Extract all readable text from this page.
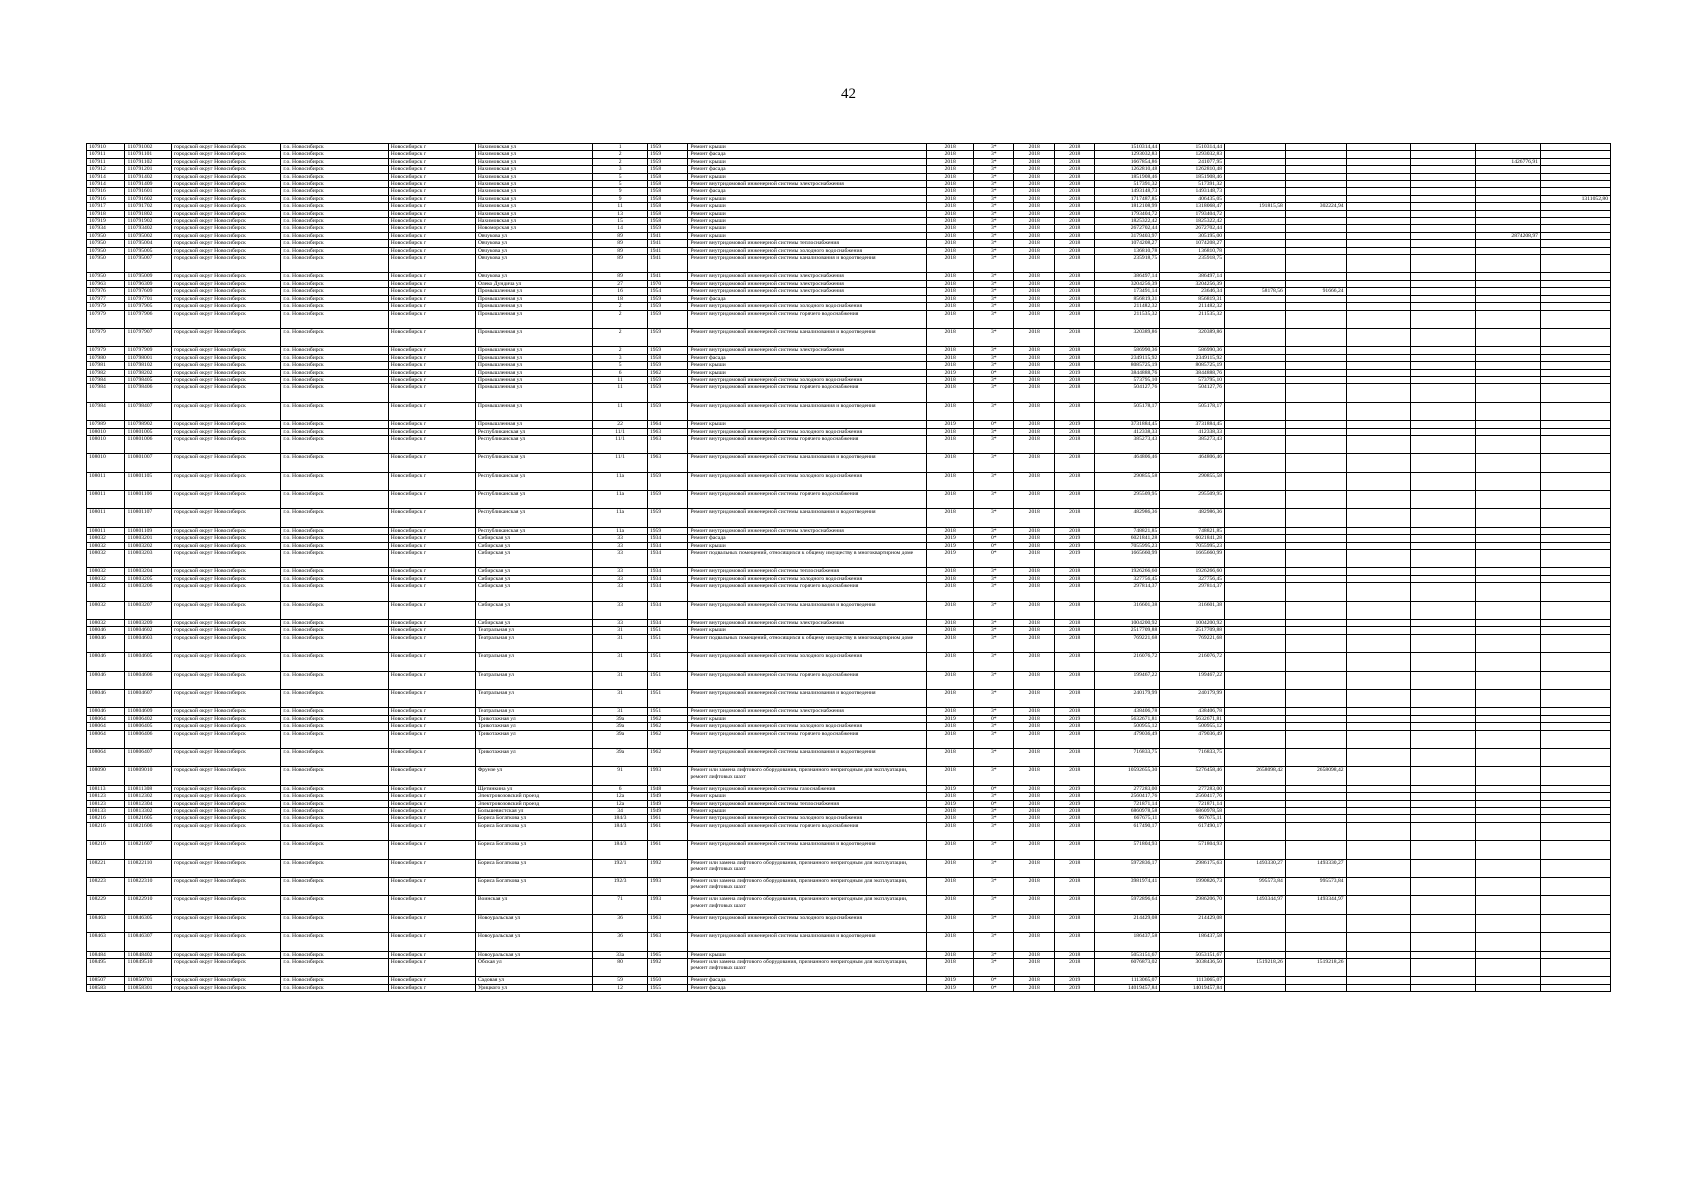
42
107910	110791002	городской округ Новосибирск	г.о. Новосибирск	Новосибирск г	Нахимовская ул	1	1959	Ремонт крыши	2018	3*	2018	2018	1510314,44	1510314,44						
107911	110791101	городской округ Новосибирск	г.о. Новосибирск	Новосибирск г	Нахимовская ул	2	1959	Ремонт фасада	2018	3*	2018	2018	1293032,83	1293032,83						
107911	110791102	городской округ Новосибирск	г.о. Новосибирск	Новосибирск г	Нахимовская ул	2	1959	Ремонт крыши	2018	3*	2018	2018	1667854,86	241077,95					1426776,91	
107912	110791201	городской округ Новосибирск	г.о. Новосибирск	Новосибирск г	Нахимовская ул	3	1958	Ремонт фасада	2018	3*	2018	2018	1262810,48	1262810,48						
107914	110791402	городской округ Новосибирск	г.о. Новосибирск	Новосибирск г	Нахимовская ул	5	1958	Ремонт крыши	2018	3*	2018	2018	1851908,46	1851908,46						
107914	110791409	городской округ Новосибирск	г.о. Новосибирск	Новосибирск г	Нахимовская ул	5	1958	Ремонт внутридомовой инженерной системы электроснабжения	2018	3*	2018	2018	517391,32	517391,32						
107916	110791601	городской округ Новосибирск	г.о. Новосибирск	Новосибирск г	Нахимовская ул	9	1958	Ремонт фасада	2018	3*	2018	2018	1493148,73	1493148,73						
107916	110791602	городской округ Новосибирск	г.о. Новосибирск	Новосибирск г	Нахимовская ул	9	1958	Ремонт крыши	2018	3*	2018	2018	1717487,85	406435,05						1311052,80
107917	110791702	городской округ Новосибирск	г.о. Новосибирск	Новосибирск г	Нахимовская ул	11	1958	Ремонт крыши	2018	3*	2018	2018	1812108,99	1318068,47	191815,58	302224,94				
107918	110791802	городской округ Новосибирск	г.о. Новосибирск	Новосибирск г	Нахимовская ул	13	1958	Ремонт крыши	2018	3*	2018	2018	1793404,72	1793404,72						
107919	110791902	городской округ Новосибирск	г.о. Новосибирск	Новосибирск г	Нахимовская ул	15	1958	Ремонт крыши	2018	3*	2018	2018	1825322,42	1825322,42						
107934	110793402	городской округ Новосибирск	г.о. Новосибирск	Новосибирск г	Новоморская ул	14	1959	Ремонт крыши	2018	3*	2018	2018	2672702,44	2672702,44						
107950	110795002	городской округ Новосибирск	г.о. Новосибирск	Новосибирск г	Овчукова ул	89	1941	Ремонт крыши	2018	3*	2018	2018	3179403,97	305195,00					2874208,97	
107950	110795004	городской округ Новосибирск	г.о. Новосибирск	Новосибирск г	Овчукова ул	89	1941	Ремонт внутридомовой инженерной системы теплоснабжения	2018	3*	2018	2018	1074208,27	1074208,27						
107950	110795005	городской округ Новосибирск	г.о. Новосибирск	Новосибирск г	Овчукова ул	89	1941	Ремонт внутридомовой инженерной системы холодного водоснабжения	2018	3*	2018	2018	136810,78	136810,78						
107950	110795007	городской округ Новосибирск	г.о. Новосибирск	Новосибирск г	Овчукова ул	89	1941	Ремонт внутридомовой инженерной системы канализования и водоотведения	2018	3*	2018	2018	235918,75	235918,75						
107950	110795009	городской округ Новосибирск	г.о. Новосибирск	Новосибирск г	Овчукова ул	89	1941	Ремонт внутридомовой инженерной системы электроснабжения	2018	3*	2018	2018	386497,14	386497,14						
107963	110796309	городской округ Новосибирск	г.о. Новосибирск	Новосибирск г	Олеко Дундича ул	27	1970	Ремонт внутридомовой инженерной системы электроснабжения	2018	3*	2018	2018	3204256,39	3204256,39						
107976	110797609	городской округ Новосибирск	г.о. Новосибирск	Новосибирск г	Промышленная ул	16	1954	Ремонт внутридомовой инженерной системы электроснабжения	2018	3*	2018	2018	173491,14	23646,34	58178,56	91666,24				
107977	110797701	городской округ Новосибирск	г.о. Новосибирск	Новосибирск г	Промышленная ул	18	1959	Ремонт фасада	2018	3*	2018	2018	856819,31	856819,31						
107979	110797905	городской округ Новосибирск	г.о. Новосибирск	Новосибирск г	Промышленная ул	2	1959	Ремонт внутридомовой инженерной системы холодного водоснабжения	2018	3*	2018	2018	211482,32	211482,32						
107979	110797906	городской округ Новосибирск	г.о. Новосибирск	Новосибирск г	Промышленная ул	2	1959	Ремонт внутридомовой инженерной системы горячего водоснабжения	2018	3*	2018	2018	211535,32	211535,32						
107979	110797907	городской округ Новосибирск	г.о. Новосибирск	Новосибирск г	Промышленная ул	2	1959	Ремонт внутридомовой инженерной системы канализования и водоотведения	2018	3*	2018	2018	320389,86	320389,86						
107979	110797909	городской округ Новосибирск	г.о. Новосибирск	Новосибирск г	Промышленная ул	2	1959	Ремонт внутридомовой инженерной системы электроснабжения	2018	3*	2018	2018	586990,36	586990,36						
107980	110798001	городской округ Новосибирск	г.о. Новосибирск	Новосибирск г	Промышленная ул	3	1958	Ремонт фасада	2018	3*	2018	2018	2349115,92	2349115,92						
107981	110798102	городской округ Новосибирск	г.о. Новосибирск	Новосибирск г	Промышленная ул	5	1959	Ремонт крыши	2018	3*	2018	2018	8085725,19	8085725,19						
107982	110798202	городской округ Новосибирск	г.о. Новосибирск	Новосибирск г	Промышленная ул	6	1962	Ремонт крыши	2019	0*	2018	2019	3844888,76	3844888,76						
107984	110798405	городской округ Новосибирск	г.о. Новосибирск	Новосибирск г	Промышленная ул	11	1959	Ремонт внутридомовой инженерной системы холодного водоснабжения	2018	3*	2018	2018	573795,10	573795,10						
107984	110798406	городской округ Новосибирск	г.о. Новосибирск	Новосибирск г	Промышленная ул	11	1959	Ремонт внутридомовой инженерной системы горячего водоснабжения	2018	3*	2018	2018	504127,76	504127,76						
107984	110798407	городской округ Новосибирск	г.о. Новосибирск	Новосибирск г	Промышленная ул	11	1959	Ремонт внутридомовой инженерной системы канализования и водоотведения	2018	3*	2018	2018	505178,17	505178,17						
107989	110798902	городской округ Новосибирск	г.о. Новосибирск	Новосибирск г	Промышленная ул	22	1964	Ремонт крыши	2019	0*	2018	2019	3731884,45	3731884,45						
108010	110801005	городской округ Новосибирск	г.о. Новосибирск	Новосибирск г	Республиканская ул	11/1	1963	Ремонт внутридомовой инженерной системы холодного водоснабжения	2018	3*	2018	2018	412338,33	412338,33						
108010	110801006	городской округ Новосибирск	г.о. Новосибирск	Новосибирск г	Республиканская ул	11/1	1963	Ремонт внутридомовой инженерной системы горячего водоснабжения	2018	3*	2018	2018	385273,43	385273,43						
108010	110801007	городской округ Новосибирск	г.о. Новосибирск	Новосибирск г	Республиканская ул	11/1	1963	Ремонт внутридомовой инженерной системы канализования и водоотведения	2018	3*	2018	2018	464806,46	464806,46						
108011	110801105	городской округ Новосибирск	г.о. Новосибирск	Новосибирск г	Республиканская ул	11а	1959	Ремонт внутридомовой инженерной системы холодного водоснабжения	2018	3*	2018	2018	290855,58	290855,58						
108011	110801106	городской округ Новосибирск	г.о. Новосибирск	Новосибирск г	Республиканская ул	11а	1959	Ремонт внутридомовой инженерной системы горячего водоснабжения	2018	3*	2018	2018	295509,95	295509,95						
108011	110801107	городской округ Новосибирск	г.о. Новосибирск	Новосибирск г	Республиканская ул	11а	1959	Ремонт внутридомовой инженерной системы канализования и водоотведения	2018	3*	2018	2018	482986,36	482986,36						
108011	110801109	городской округ Новосибирск	г.о. Новосибирск	Новосибирск г	Республиканская ул	11а	1959	Ремонт внутридомовой инженерной системы электроснабжения	2018	3*	2018	2018	748821,85	748821,85						
108032	110803201	городской округ Новосибирск	г.о. Новосибирск	Новосибирск г	Сибирская ул	33	1934	Ремонт фасада	2019	0*	2018	2019	6021841,28	6021841,28						
108032	110803202	городской округ Новосибирск	г.о. Новосибирск	Новосибирск г	Сибирская ул	33	1934	Ремонт крыши	2019	0*	2018	2019	7055995,23	7055995,23						
108032	110803203	городской округ Новосибирск	г.о. Новосибирск	Новосибирск г	Сибирская ул	33	1934	Ремонт подвальных помещений, относящихся к общему имуществу в многоквартирном доме	2019	0*	2018	2019	1665660,99	1665660,99						
108032	110803204	городской округ Новосибирск	г.о. Новосибирск	Новосибирск г	Сибирская ул	33	1934	Ремонт внутридомовой инженерной системы теплоснабжения	2018	3*	2018	2018	1926266,60	1926266,60						
108032	110803205	городской округ Новосибирск	г.о. Новосибирск	Новосибирск г	Сибирская ул	33	1934	Ремонт внутридомовой инженерной системы холодного водоснабжения	2018	3*	2018	2018	327756,45	327756,45						
108032	110803206	городской округ Новосибирск	г.о. Новосибирск	Новосибирск г	Сибирская ул	33	1934	Ремонт внутридомовой инженерной системы горячего водоснабжения	2018	3*	2018	2018	297814,37	297814,37						
108032	110803207	городской округ Новосибирск	г.о. Новосибирск	Новосибирск г	Сибирская ул	33	1934	Ремонт внутридомовой инженерной системы канализования и водоотведения	2018	3*	2018	2018	316601,38	316601,38						
108032	110803209	городской округ Новосибирск	г.о. Новосибирск	Новосибирск г	Сибирская ул	33	1934	Ремонт внутридомовой инженерной системы электроснабжения	2018	3*	2018	2018	1004200,92	1004200,92						
108046	110804602	городской округ Новосибирск	г.о. Новосибирск	Новосибирск г	Театральная ул	31	1951	Ремонт крыши	2018	3*	2018	2018	2517709,88	2517709,88						
108046	110804603	городской округ Новосибирск	г.о. Новосибирск	Новосибирск г	Театральная ул	31	1951	Ремонт подвальных помещений, относящихся к общему имуществу в многоквартирном доме	2018	3*	2018	2018	769221,68	769221,68						
108046	110804605	городской округ Новосибирск	г.о. Новосибирск	Новосибирск г	Театральная ул	31	1951	Ремонт внутридомовой инженерной системы холодного водоснабжения	2018	3*	2018	2018	216076,72	216076,72						
108046	110804606	городской округ Новосибирск	г.о. Новосибирск	Новосибирск г	Театральная ул	31	1951	Ремонт внутридомовой инженерной системы горячего водоснабжения	2018	3*	2018	2018	199467,22	199467,22						
108046	110804607	городской округ Новосибирск	г.о. Новосибирск	Новосибирск г	Театральная ул	31	1951	Ремонт внутридомовой инженерной системы канализования и водоотведения	2018	3*	2018	2018	240179,99	240179,99						
108046	110804609	городской округ Новосибирск	г.о. Новосибирск	Новосибирск г	Театральная ул	31	1951	Ремонт внутридомовой инженерной системы электроснабжения	2018	3*	2018	2018	438406,78	438406,78						
108064	110806402	городской округ Новосибирск	г.о. Новосибирск	Новосибирск г	Трикотажная ул	39а	1962	Ремонт крыши	2019	0*	2018	2019	5632671,81	5632671,81						
108064	110806405	городской округ Новосибирск	г.о. Новосибирск	Новосибирск г	Трикотажная ул	39а	1962	Ремонт внутридомовой инженерной системы холодного водоснабжения	2018	3*	2018	2018	500955,12	500955,12						
108064	110806406	городской округ Новосибирск	г.о. Новосибирск	Новосибирск г	Трикотажная ул	39а	1962	Ремонт внутридомовой инженерной системы горячего водоснабжения	2018	3*	2018	2018	479036,49	479036,49						
108064	110806407	городской округ Новосибирск	г.о. Новосибирск	Новосибирск г	Трикотажная ул	39а	1962	Ремонт внутридомовой инженерной системы канализования и водоотведения	2018	3*	2018	2018	716833,75	716833,75						
108090	110809010	городской округ Новосибирск	г.о. Новосибирск	Новосибирск г	Фрунзе ул	91	1993	Ремонт или замена лифтового оборудования, признанного непригодным для эксплуатации, ремонт лифтовых шахт	2018	3*	2018	2018	10592655,30	5276458,46	2658098,42	2658098,42				
108113	110811308	городской округ Новосибирск	г.о. Новосибирск	Новосибирск г	Щетинкина ул	6	1948	Ремонт внутридомовой инженерной системы газоснабжения	2019	0*	2018	2019	277283,00	277283,00						
108123	110812302	городской округ Новосибирск	г.о. Новосибирск	Новосибирск г	Электровозовский проезд	12а	1949	Ремонт крыши	2018	3*	2018	2018	2560417,76	2560417,76						
108123	110812304	городской округ Новосибирск	г.о. Новосибирск	Новосибирск г	Электровозовский проезд	12а	1949	Ремонт внутридомовой инженерной системы теплоснабжения	2019	0*	2018	2019	721871,14	721871,14						
108133	110813302	городской округ Новосибирск	г.о. Новосибирск	Новосибирск г	Большевистская ул	34	1949	Ремонт крыши	2018	3*	2018	2018	6860978,58	6860978,58						
108216	110821605	городской округ Новосибирск	г.о. Новосибирск	Новосибирск г	Бориса Богаткова ул	184/3	1961	Ремонт внутридомовой инженерной системы холодного водоснабжения	2018	3*	2018	2018	667675,11	667675,11						
108216	110821606	городской округ Новосибирск	г.о. Новосибирск	Новосибирск г	Бориса Богаткова ул	184/3	1961	Ремонт внутридомовой инженерной системы горячего водоснабжения	2018	3*	2018	2018	617490,17	617490,17						
108216	110821607	городской округ Новосибирск	г.о. Новосибирск	Новосибирск г	Бориса Богаткова ул	184/3	1961	Ремонт внутридомовой инженерной системы канализования и водоотведения	2018	3*	2018	2018	571804,93	571804,93						
108221	110822110	городской округ Новосибирск	г.о. Новосибирск	Новосибирск г	Бориса Богаткова ул	192/1	1992	Ремонт или замена лифтового оборудования, признанного непригодным для эксплуатации, ремонт лифтовых шахт	2018	3*	2018	2018	5972836,17	2986175,63	1493330,27	1493330,27				
108223	110822310	городской округ Новосибирск	г.о. Новосибирск	Новосибирск г	Бориса Богаткова ул	192/3	1993	Ремонт или замена лифтового оборудования, признанного непригодным для эксплуатации, ремонт лифтовых шахт	2018	3*	2018	2018	3981974,41	1990826,73	995573,84	995573,84				
108229	110822910	городской округ Новосибирск	г.о. Новосибирск	Новосибирск г	Воинская ул	71	1993	Ремонт или замена лифтового оборудования, признанного непригодным для эксплуатации, ремонт лифтовых шахт	2018	3*	2018	2018	5972896,64	2986206,70	1493344,97	1493344,97				
108463	110846305	городской округ Новосибирск	г.о. Новосибирск	Новосибирск г	Новоуральская ул	36	1963	Ремонт внутридомовой инженерной системы холодного водоснабжения	2018	3*	2018	2018	214429,08	214429,08						
108463	110846307	городской округ Новосибирск	г.о. Новосибирск	Новосибирск г	Новоуральская ул	36	1963	Ремонт внутридомовой инженерной системы канализования и водоотведения	2018	3*	2018	2018	186437,58	186437,58						
108484	110848402	городской округ Новосибирск	г.о. Новосибирск	Новосибирск г	Новоуральская ул	33а	1965	Ремонт крыши	2018	3*	2018	2018	5053151,67	5053151,67						
108495	110849510	городской округ Новосибирск	г.о. Новосибирск	Новосибирск г	Обская ул	80	1992	Ремонт или замена лифтового оборудования, признанного непригодным для эксплуатации, ремонт лифтовых шахт	2018	3*	2018	2018	6076873,02	3038436,50	1519218,26	1519218,26				
108507	110850701	городской округ Новосибирск	г.о. Новосибирск	Новосибирск г	Садовая ул	59	1950	Ремонт фасада	2019	0*	2018	2019	1113065,07	1113065,07						
108583	110858301	городской округ Новосибирск	г.о. Новосибирск	Новосибирск г	Урицкого ул	12	1955	Ремонт фасада	2019	0*	2018	2019	14019457,84	14019457,84						
